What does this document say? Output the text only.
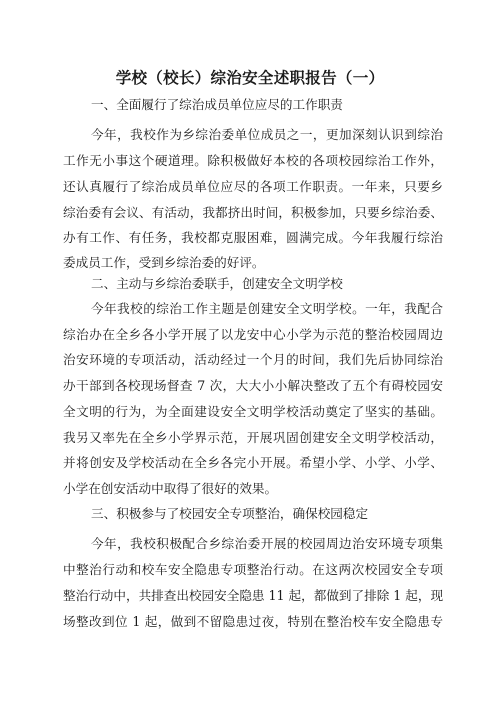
学校（校长）综治安全述职报告（一）
一、全面履行了综治成员单位应尽的工作职责
今年，我校作为乡综治委单位成员之一，更加深刻认识到综治
工作无小事这个硬道理。除积极做好本校的各项校园综治工作外，
还认真履行了综治成员单位应尽的各项工作职责。一年来，只要乡
综治委有会议、有活动，我都挤出时间，积极参加，只要乡综治委、
办有工作、有任务，我校都克服困难，圆满完成。今年我履行综治
委成员工作，受到乡综治委的好评。
二、主动与乡综治委联手，创建安全文明学校
今年我校的综治工作主题是创建安全文明学校。一年，我配合
综治办在全乡各小学开展了以龙安中心小学为示范的整治校园周边
治安环境的专项活动，活动经过一个月的时间，我们先后协同综治
办干部到各校现场督查 7 次，大大小小解决整改了五个有碍校园安
全文明的行为，为全面建设安全文明学校活动奠定了坚实的基础。
我另又率先在全乡小学界示范，开展巩固创建安全文明学校活动，
并将创安及学校活动在全乡各完小开展。希望小学、小学、小学、
小学在创安活动中取得了很好的效果。
三、积极参与了校园安全专项整治，确保校园稳定
今年，我校积极配合乡综治委开展的校园周边治安环境专项集
中整治行动和校车安全隐患专项整治行动。在这两次校园安全专项
整治行动中，共排查出校园安全隐患 11 起，都做到了排除 1 起，现
场整改到位 1 起，做到不留隐患过夜，特别在整治校车安全隐患专
